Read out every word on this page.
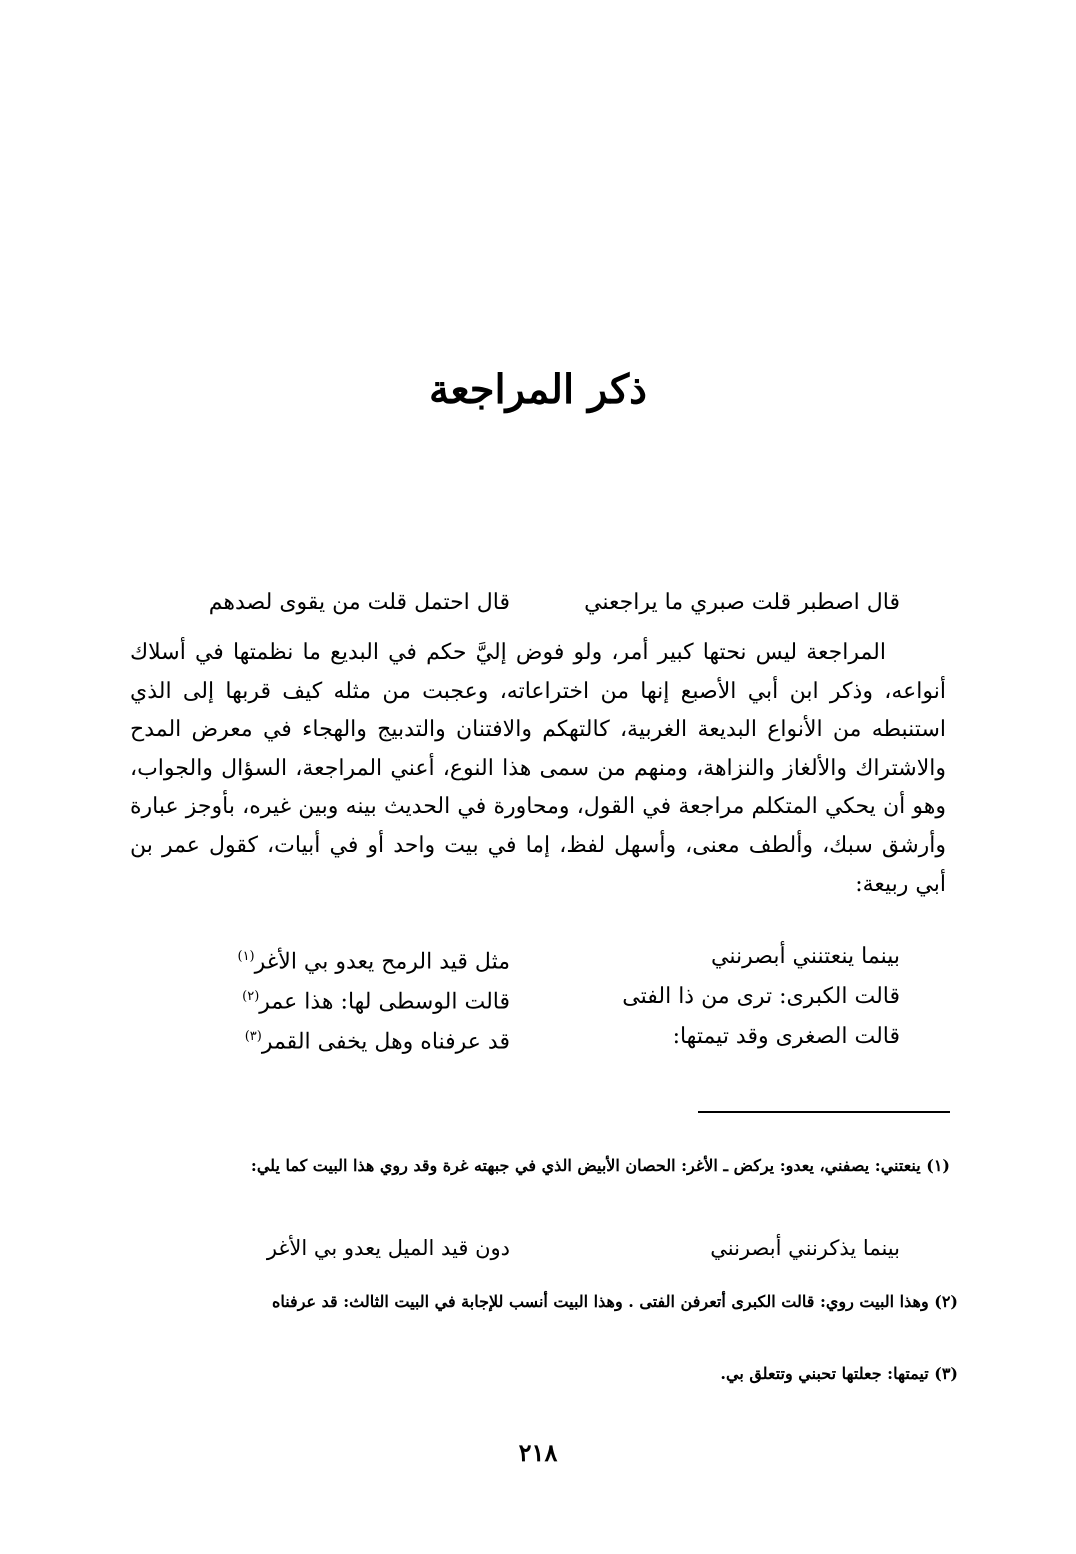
ذكر المراجعة
قال اصطبر قلت صبري ما يراجعني
قال احتمل قلت من يقوى لصدهم

المراجعة ليس نحتها كبير أمر، ولو فوض إليَّ حكم في البديع ما نظمتها في أسلاك أنواعه، وذكر ابن أبي الأصبع إنها من اختراعاته، وعجبت من مثله كيف قربها إلى الذي استنبطه من الأنواع البديعة الغربية، كالتهكم والافتنان والتدبيج والهجاء في معرض المدح والاشتراك والألغاز والنزاهة، ومنهم من سمى هذا النوع، أعني المراجعة، السؤال والجواب، وهو أن يحكي المتكلم مراجعة في القول، ومحاورة في الحديث بينه وبين غيره، بأوجز عبارة وأرشق سبك، وألطف معنى، وأسهل لفظ، إما في بيت واحد أو في أبيات، كقول عمر بن أبي ربيعة:

بينما ينعتنني أبصرنني
مثل قيد الرمح يعدو بي الأغر$^{(١)}$
قالت الكبرى: ترى من ذا الفتى
قالت الوسطى لها: هذا عمر$^{(٢)}$
قالت الصغرى وقد تيمتها:
قد عرفناه وهل يخفى القمر$^{(٣)}$
(١) ينعتني: يصفني، يعدو: يركض ـ الأغر: الحصان الأبيض الذي في جبهته غرة وقد روي هذا البيت كما يلي:
بينما يذكرنني أبصرنني
دون قيد الميل يعدو بي الأغر
(٢) وهذا البيت روي: قالت الكبرى أتعرفن الفتى . وهذا البيت أنسب للإجابة في البيت الثالث: قد عرفناه
(٣) تيمتها: جعلتها تحبني وتتعلق بي.
٢١٨
